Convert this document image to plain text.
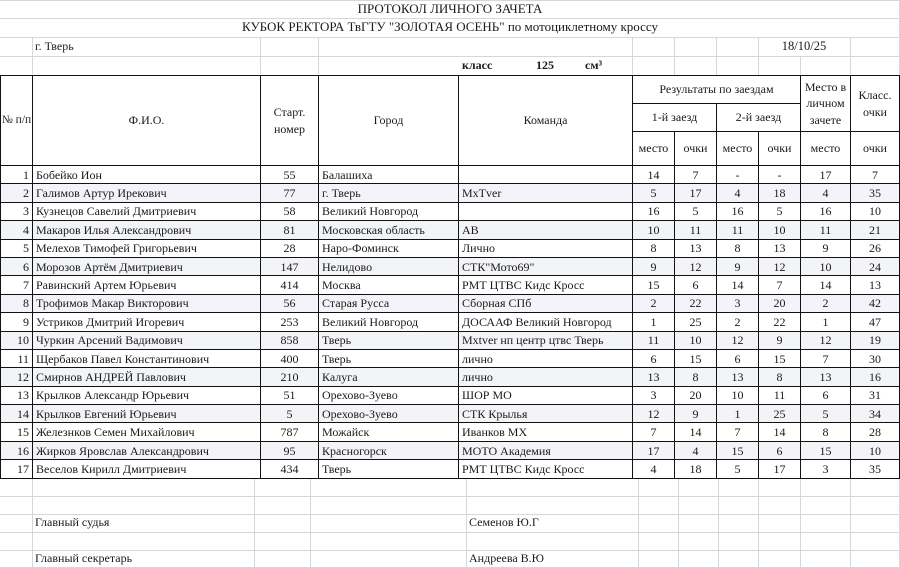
ПРОТОКОЛ ЛИЧНОГО ЗАЧЕТА
КУБОК РЕКТОРА ТвГТУ "ЗОЛОТАЯ ОСЕНЬ" по мотоциклетному кроссу
г. Тверь	18/10/25
класс	125	см³
№ п/п	Ф.И.О.	Старт. номер	Город	Команда	Результаты по заездам				Место в личном зачете	Класс. очки
					1-й заезд		2-й заезд			
					место	очки	место	очки	место	очки
1	Бобейко Ион	55	Балашиха		14	7	-	-	17	7
2	Галимов Артур Ирекович	77	г. Тверь	MxTver	5	17	4	18	4	35
3	Кузнецов Савелий Дмитриевич	58	Великий Новгород		16	5	16	5	16	10
4	Макаров Илья Александрович	81	Московская область	АВ	10	11	11	10	11	21
5	Мелехов Тимофей Григорьевич	28	Наро-Фоминск	Лично	8	13	8	13	9	26
6	Морозов Артём Дмитриевич	147	Нелидово	СТК"Мото69"	9	12	9	12	10	24
7	Равинский Артем Юрьевич	414	Москва	РМТ ЦТВС Кидс Кросс	15	6	14	7	14	13
8	Трофимов Макар Викторович	56	Старая Русса	Сборная СПб	2	22	3	20	2	42
9	Устриков Дмитрий Игоревич	253	Великий Новгород	ДОСААФ Великий Новгород	1	25	2	22	1	47
10	Чуркин Арсений Вадимович	858	Тверь	Mxtver нп центр цтвс Тверь	11	10	12	9	12	19
11	Щербаков Павел Константинович	400	Тверь	лично	6	15	6	15	7	30
12	Смирнов АНДРЕЙ Павлович	210	Калуга	лично	13	8	13	8	13	16
13	Крылков Александр Юрьевич	51	Орехово-Зуево	ШОР МО	3	20	10	11	6	31
14	Крылков Евгений Юрьевич	5	Орехово-Зуево	СТК Крылья	12	9	1	25	5	34
15	Железнков Семен Михайлович	787	Можайск	Иванков МХ	7	14	7	14	8	28
16	Жирков Яровслав Александрович	95	Красногорск	МОТО Академия	17	4	15	6	15	10
17	Веселов Кирилл Дмитриевич	434	Тверь	РМТ ЦТВС Кидс Кросс	4	18	5	17	3	35
Главный судья	Семенов Ю.Г
Главный секретарь	Андреева В.Ю
